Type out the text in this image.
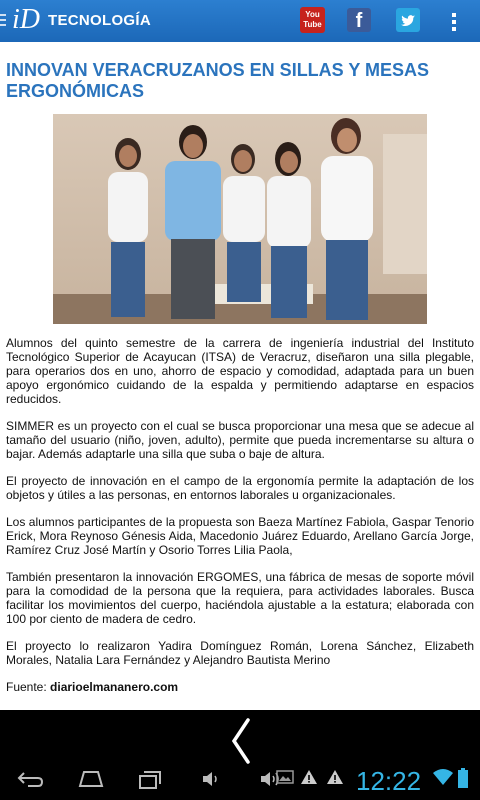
iD TECNOLOGÍA	You Tube	f
INNOVAN VERACRUZANOS EN SILLAS Y MESAS ERGONÓMICAS

Alumnos del quinto semestre de la carrera de ingeniería industrial del Instituto Tecnológico Superior de Acayucan (ITSA) de Veracruz, diseñaron una silla plegable, para operarios dos en uno, ahorro de espacio y comodidad, adaptada para un buen apoyo ergonómico cuidando de la espalda y permitiendo adaptarse en espacios reducidos.

SIMMER es un proyecto con el cual se busca proporcionar una mesa que se adecue al tamaño del usuario (niño, joven, adulto), permite que pueda incrementarse su altura o bajar. Además adaptarle una silla que suba o baje de altura.

El proyecto de innovación en el campo de la ergonomía permite la adaptación de los objetos y útiles a las personas, en entornos laborales u organizacionales.

Los alumnos participantes de la propuesta son Baeza Martínez Fabiola, Gaspar Tenorio Erick, Mora Reynoso Génesis Aida, Macedonio Juárez Eduardo, Arellano García Jorge, Ramírez Cruz José Martín y Osorio Torres Lilia Paola,

También presentaron la innovación ERGOMES, una fábrica de mesas de soporte móvil para la comodidad de la persona que la requiera, para actividades laborales. Busca facilitar los movimientos del cuerpo, haciéndola ajustable a la estatura; elaborada con 100 por ciento de madera de cedro.

El proyecto lo realizaron Yadira Domínguez Román, Lorena Sánchez, Elizabeth Morales, Natalia Lara Fernández y Alejandro Bautista Merino

Fuente: diarioelmananero.com

12:22
